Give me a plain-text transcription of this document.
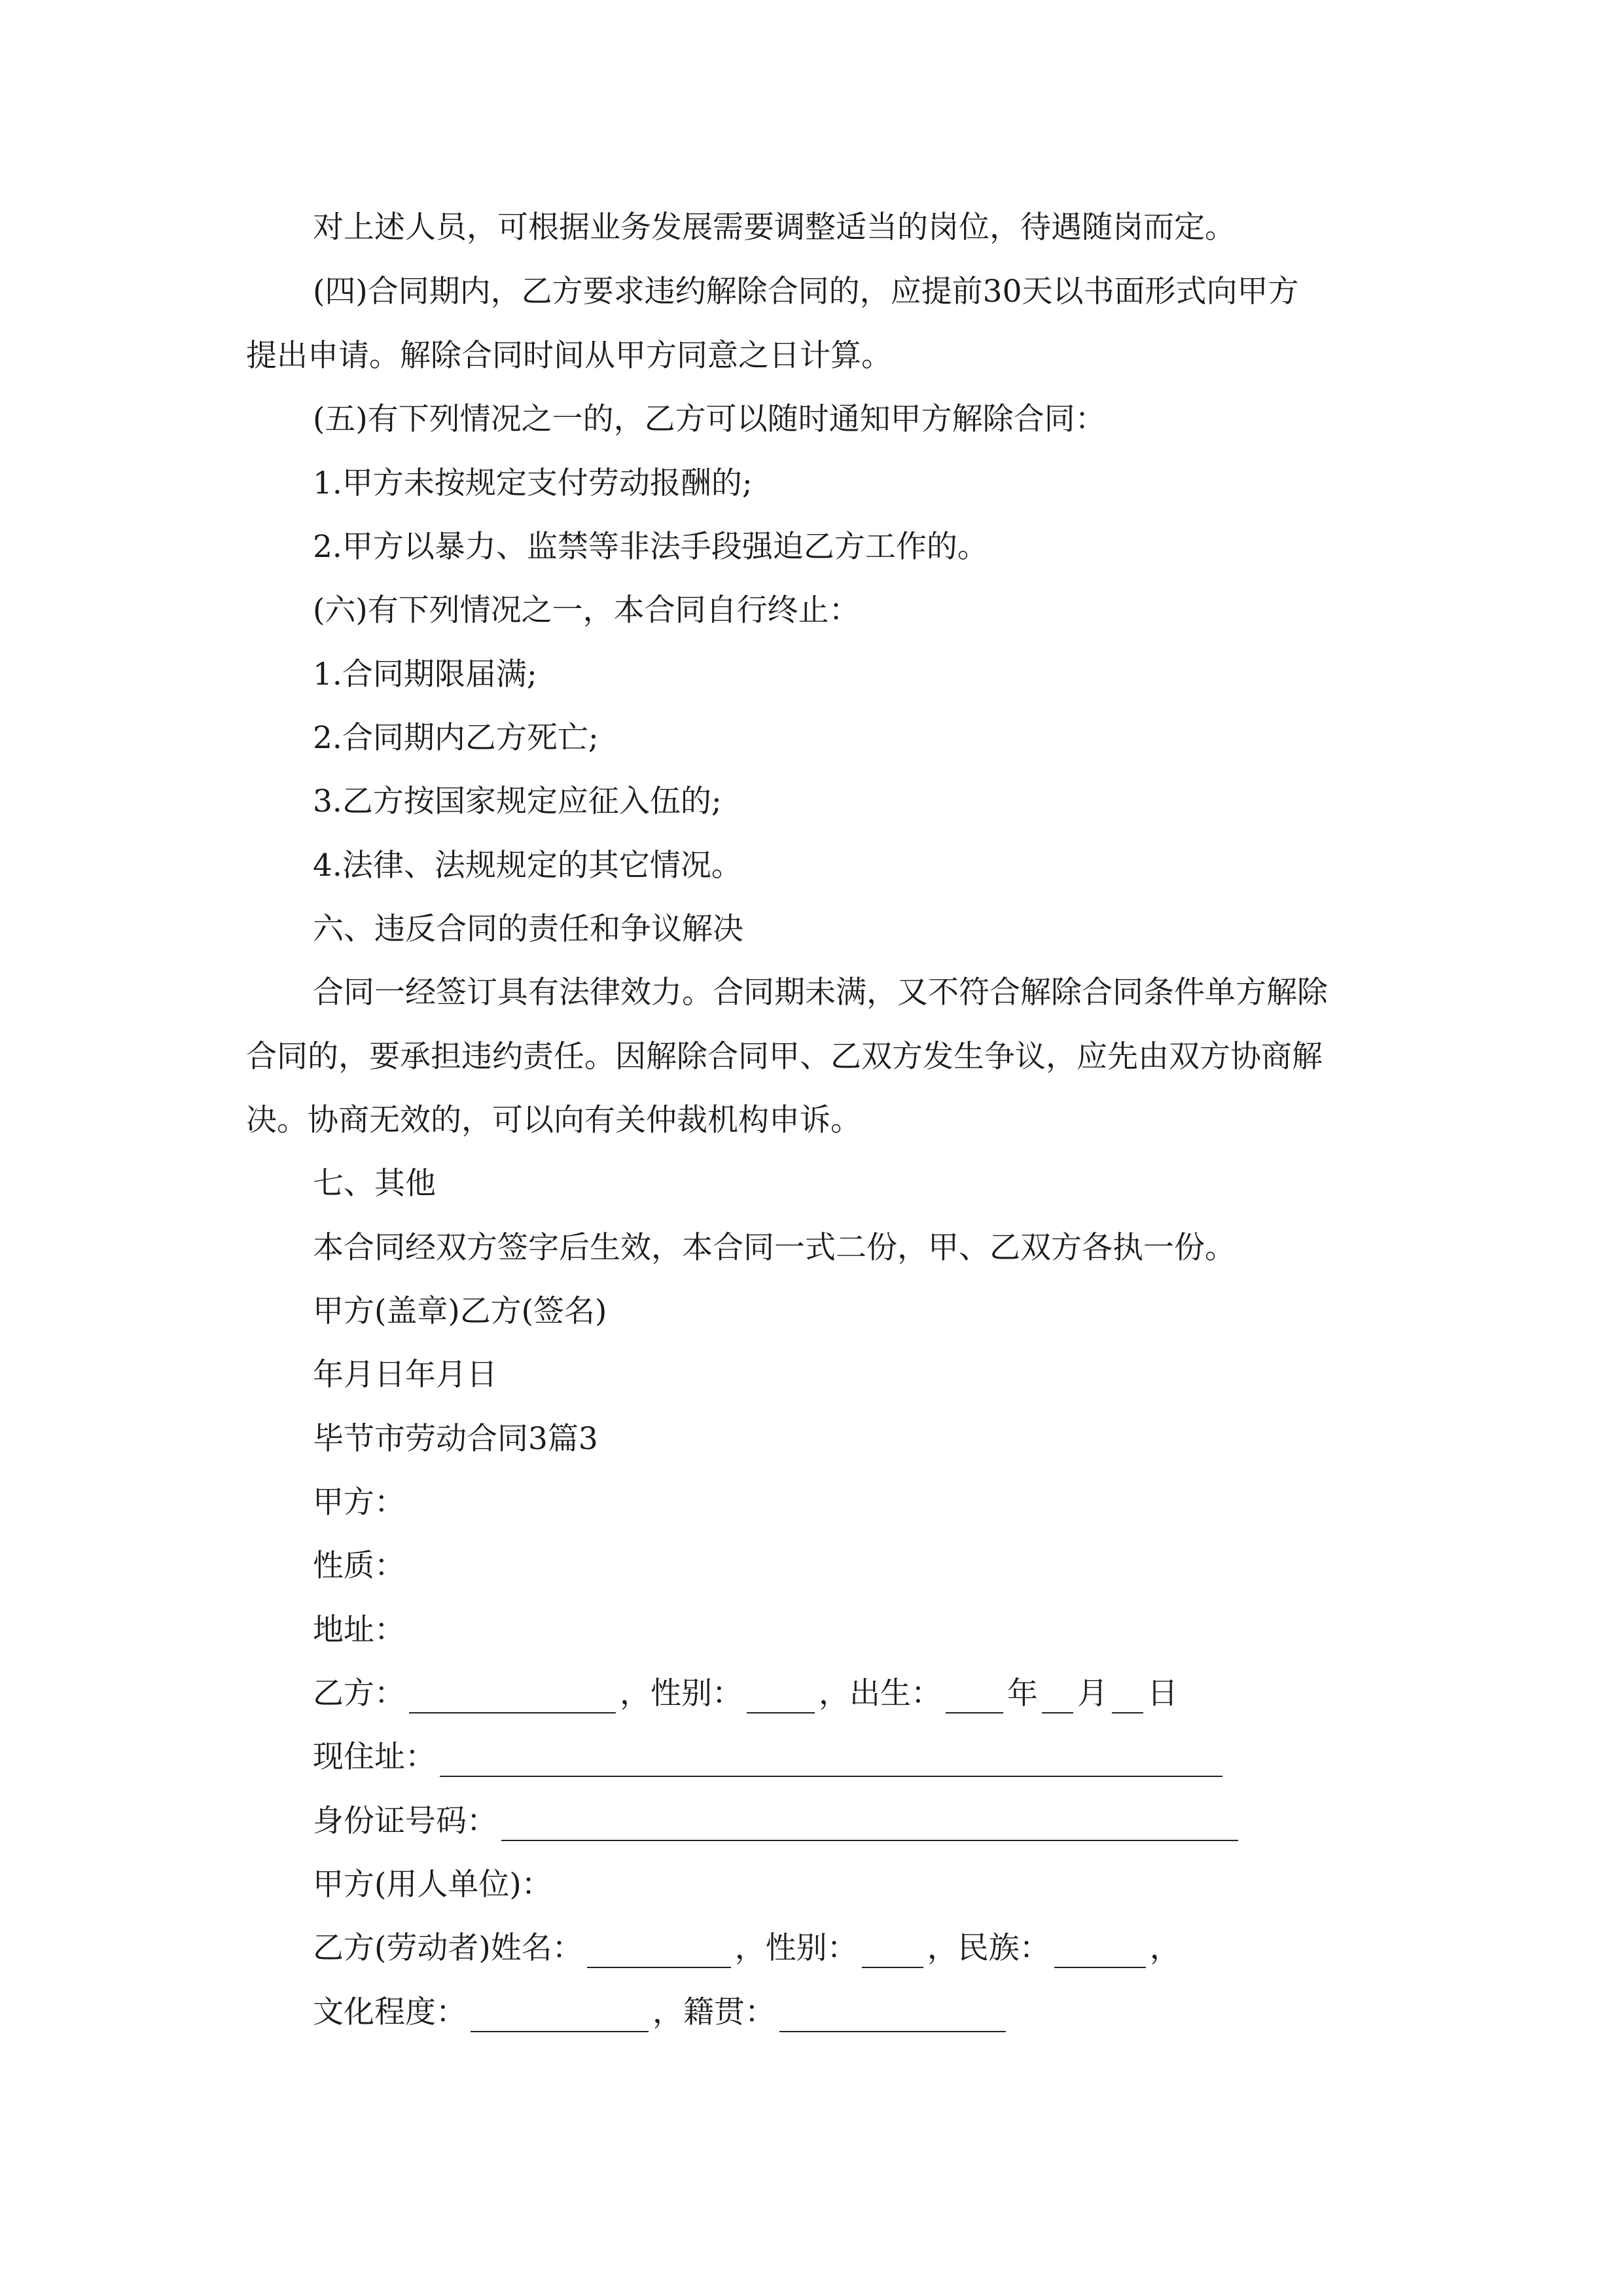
对上述人员，可根据业务发展需要调整适当的岗位，待遇随岗而定。
(四)合同期内，乙方要求违约解除合同的，应提前30天以书面形式向甲方
提出申请。解除合同时间从甲方同意之日计算。
(五)有下列情况之一的，乙方可以随时通知甲方解除合同：
1.甲方未按规定支付劳动报酬的;
2.甲方以暴力、监禁等非法手段强迫乙方工作的。
(六)有下列情况之一，本合同自行终止：
1.合同期限届满;
2.合同期内乙方死亡;
3.乙方按国家规定应征入伍的;
4.法律、法规规定的其它情况。
六、违反合同的责任和争议解决
合同一经签订具有法律效力。合同期未满，又不符合解除合同条件单方解除
合同的，要承担违约责任。因解除合同甲、乙双方发生争议，应先由双方协商解
决。协商无效的，可以向有关仲裁机构申诉。
七、其他
本合同经双方签字后生效，本合同一式二份，甲、乙双方各执一份。
甲方(盖章)乙方(签名)
年月日年月日
毕节市劳动合同3篇3
甲方：
性质：
地址：
乙方：	，性别： ，出生： 年 月 日
现住址：
身份证号码：
甲方(用人单位)：
乙方(劳动者)姓名：	，性别： ，民族：	，
文化程度：	，籍贯：
